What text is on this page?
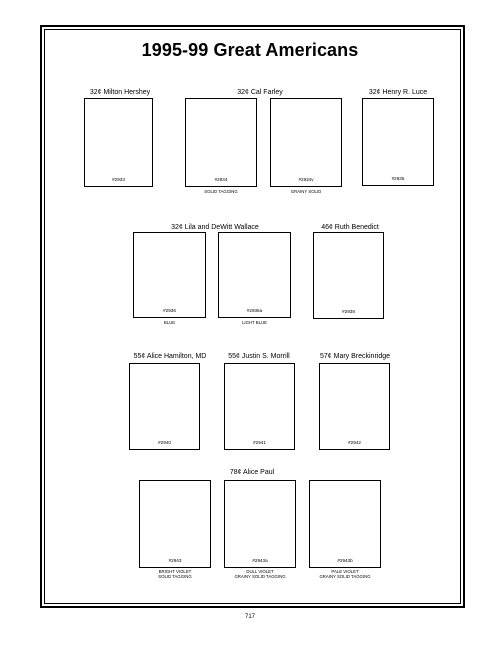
1995-99 Great Americans
32¢ Milton Hershey	32¢ Cal Farley	32¢ Henry R. Luce
#2933	#2934	#2934v	#2935
SOLID TAGGING	GRAINY SOLID
32¢ Lila and DeWitt Wallace	46¢ Ruth Benedict
#2936	#2936a	#2938
BLUE	LIGHT BLUE
55¢ Alice Hamilton, MD	55¢ Justin S. Morrill	57¢ Mary Breckinridge
#2940	#2941	#2942
78¢ Alice Paul
#2943	#2943a	#2943b
BRIGHT VIOLET
SOLID TAGGING
DULL VIOLET
GRAINY SOLID TAGGING
PALE VIOLET
GRAINY SOLID TAGGING
717
